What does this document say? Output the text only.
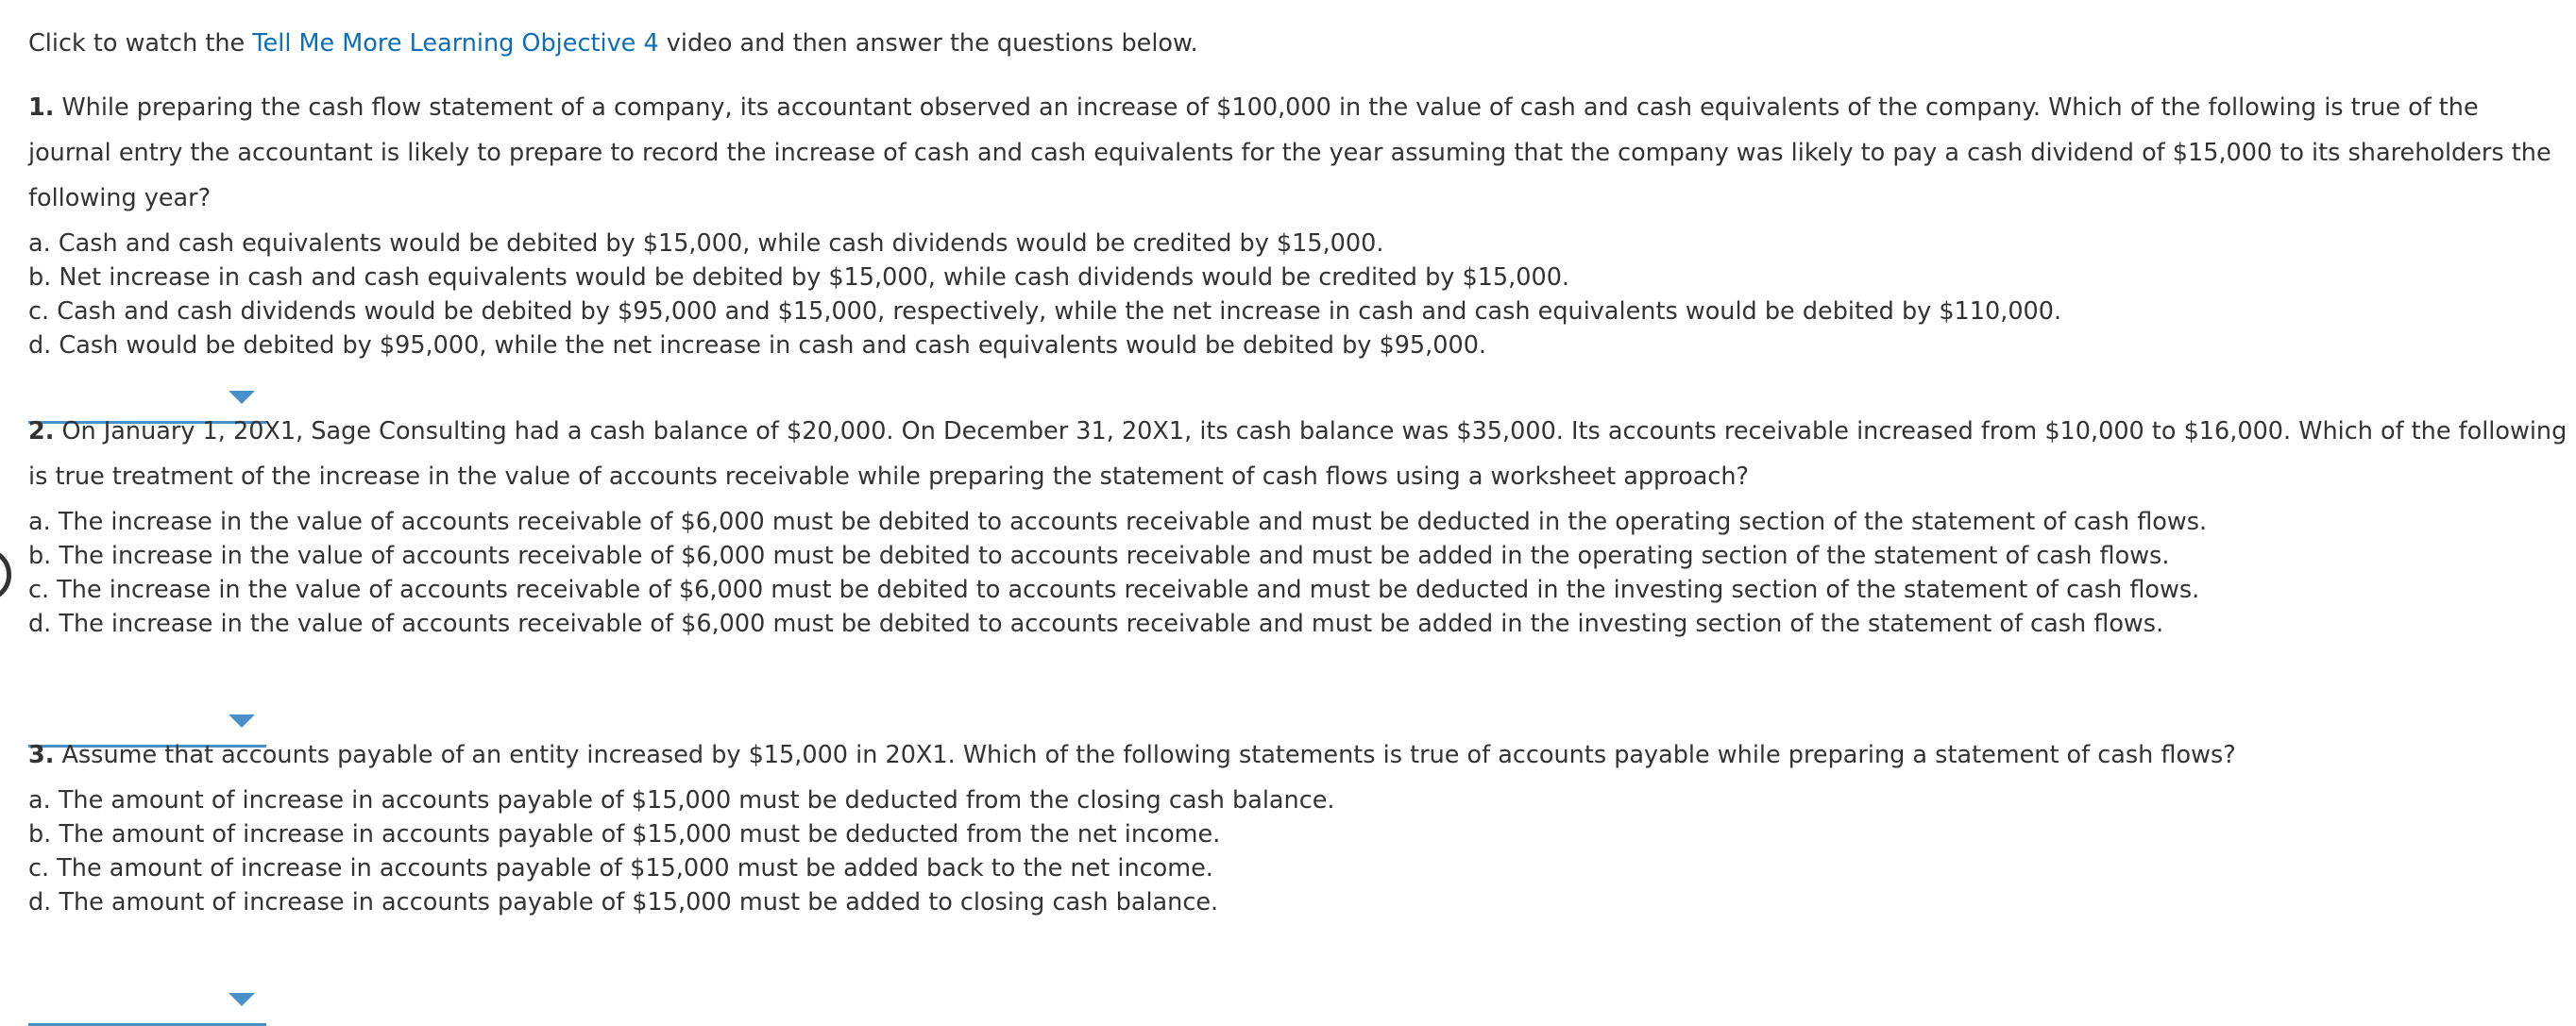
Click to watch the Tell Me More Learning Objective 4 video and then answer the questions below.

1. While preparing the cash flow statement of a company, its accountant observed an increase of $100,000 in the value of cash and cash equivalents of the company. Which of the following is true of the journal entry the accountant is likely to prepare to record the increase of cash and cash equivalents for the year assuming that the company was likely to pay a cash dividend of $15,000 to its shareholders the following year?

a. Cash and cash equivalents would be debited by $15,000, while cash dividends would be credited by $15,000.
b. Net increase in cash and cash equivalents would be debited by $15,000, while cash dividends would be credited by $15,000.
c. Cash and cash dividends would be debited by $95,000 and $15,000, respectively, while the net increase in cash and cash equivalents would be debited by $110,000.
d. Cash would be debited by $95,000, while the net increase in cash and cash equivalents would be debited by $95,000.

2. On January 1, 20X1, Sage Consulting had a cash balance of $20,000. On December 31, 20X1, its cash balance was $35,000. Its accounts receivable increased from $10,000 to $16,000. Which of the following is true treatment of the increase in the value of accounts receivable while preparing the statement of cash flows using a worksheet approach?

a. The increase in the value of accounts receivable of $6,000 must be debited to accounts receivable and must be deducted in the operating section of the statement of cash flows.
b. The increase in the value of accounts receivable of $6,000 must be debited to accounts receivable and must be added in the operating section of the statement of cash flows.
c. The increase in the value of accounts receivable of $6,000 must be debited to accounts receivable and must be deducted in the investing section of the statement of cash flows.
d. The increase in the value of accounts receivable of $6,000 must be debited to accounts receivable and must be added in the investing section of the statement of cash flows.

3. Assume that accounts payable of an entity increased by $15,000 in 20X1. Which of the following statements is true of accounts payable while preparing a statement of cash flows?

a. The amount of increase in accounts payable of $15,000 must be deducted from the closing cash balance.
b. The amount of increase in accounts payable of $15,000 must be deducted from the net income.
c. The amount of increase in accounts payable of $15,000 must be added back to the net income.
d. The amount of increase in accounts payable of $15,000 must be added to closing cash balance.
